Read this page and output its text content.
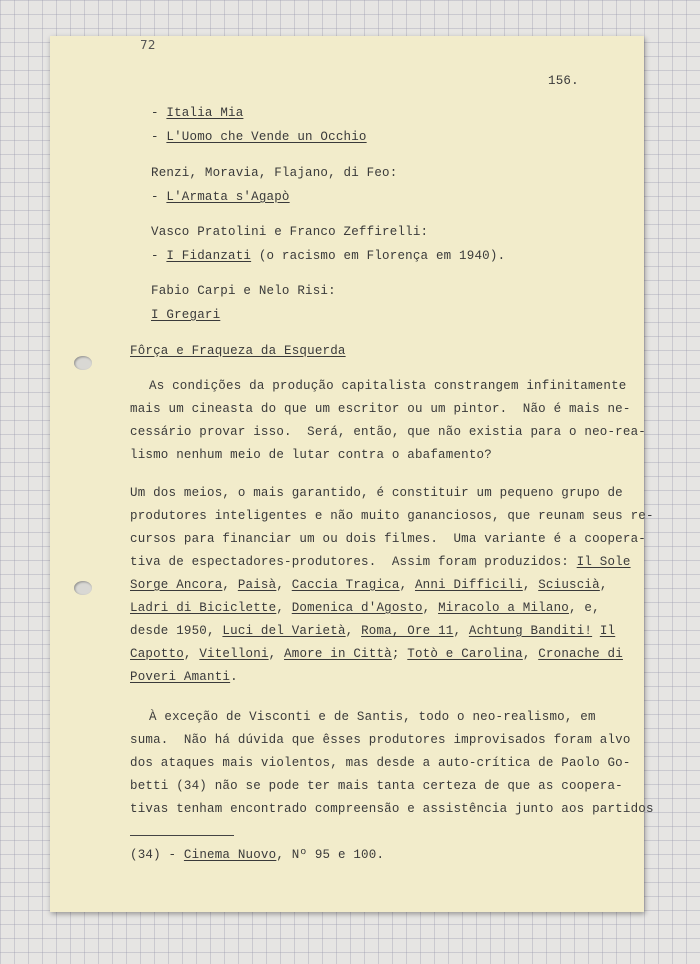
72
156.
- Italia Mia
- L'Uomo che Vende un Occhio
Renzi, Moravia, Flajano, di Feo:
- L'Armata s'Agapò
Vasco Pratolini e Franco Zeffirelli:
- I Fidanzati (o racismo em Florença em 1940).
Fabio Carpi e Nelo Risi:
I Gregari
Fôrça e Fraqueza da Esquerda
As condições da produção capitalista constrangem infinitamente
mais um cineasta do que um escritor ou um pintor.  Não é mais ne-
cessário provar isso.  Será, então, que não existia para o neo-rea-
lismo nenhum meio de lutar contra o abafamento?
Um dos meios, o mais garantido, é constituir um pequeno grupo de
produtores inteligentes e não muito gananciosos, que reunam seus re-
cursos para financiar um ou dois filmes.  Uma variante é a coopera-
tiva de espectadores-produtores.  Assim foram produzidos: Il Sole
Sorge Ancora, Paisà, Caccia Tragica, Anni Difficili, Sciuscià,
Ladri di Biciclette, Domenica d'Agosto, Miracolo a Milano, e,
desde 1950, Luci del Varietà, Roma, Ore 11, Achtung Banditi! Il
Capotto, Vitelloni, Amore in Città; Totò e Carolina, Cronache di
Poveri Amanti.
À exceção de Visconti e de Santis, todo o neo-realismo, em
suma.  Não há dúvida que êsses produtores improvisados foram alvo
dos ataques mais violentos, mas desde a auto-crítica de Paolo Go-
betti (34) não se pode ter mais tanta certeza de que as coopera-
tivas tenham encontrado compreensão e assistência junto aos partidos
(34) - Cinema Nuovo, Nº 95 e 100.
